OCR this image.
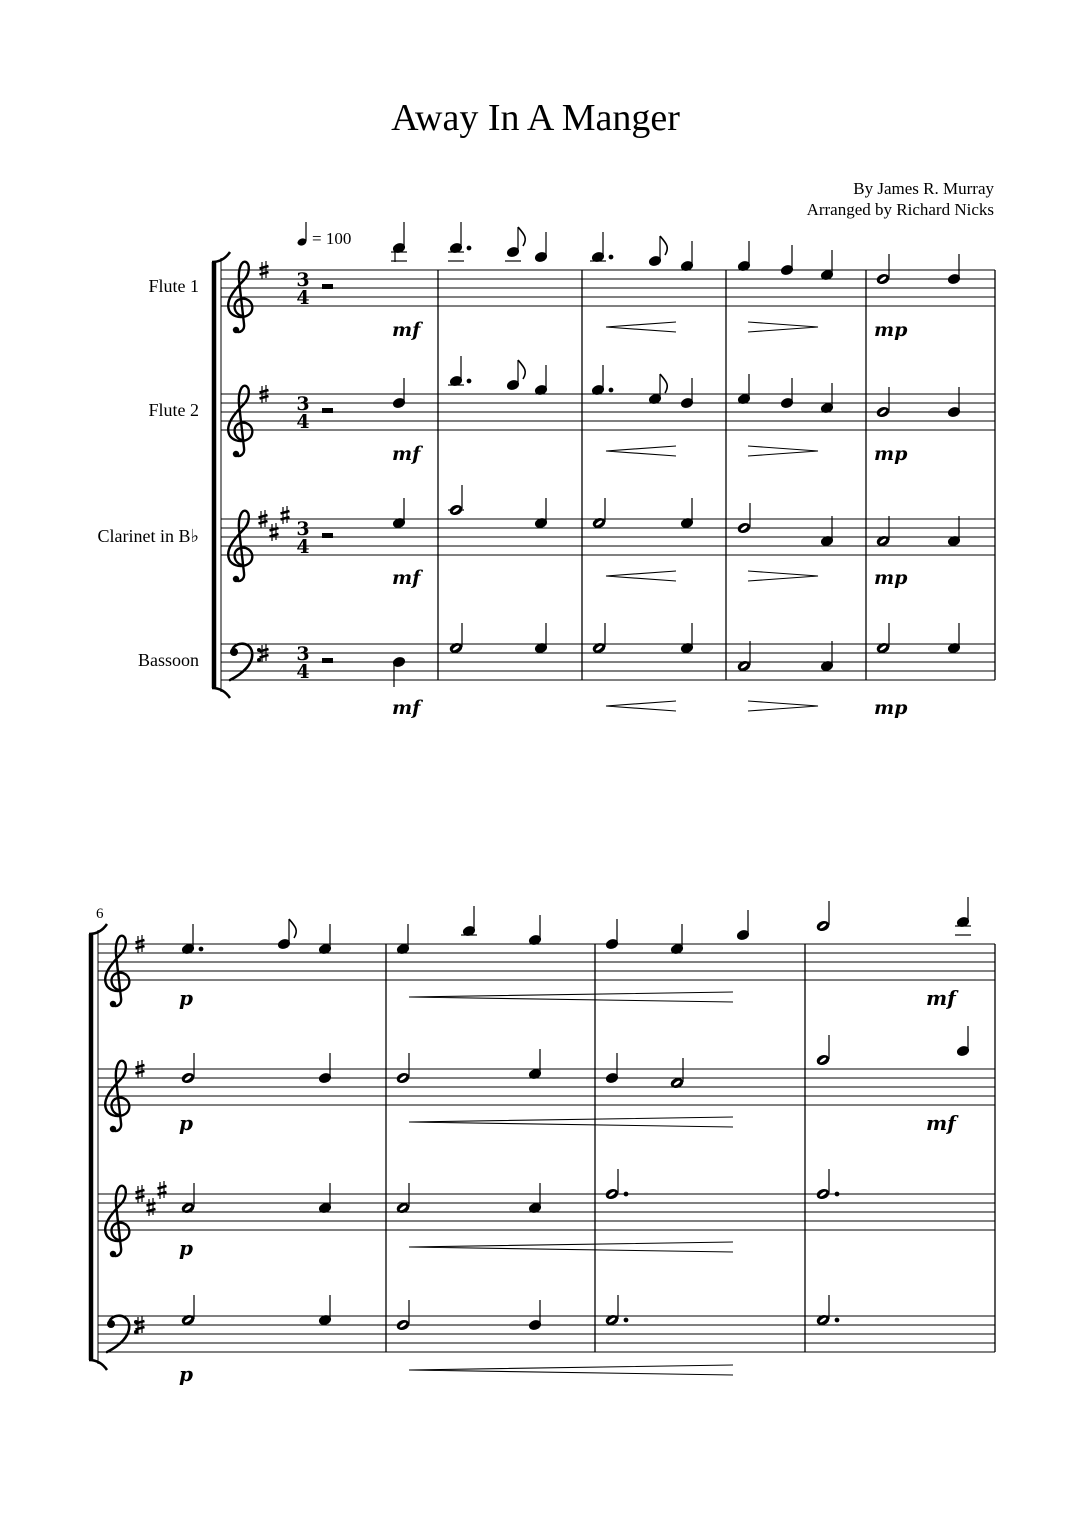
Away In A Manger
By James R. Murray
Arranged by Richard Nicks
Flute 1
Flute 2
Clarinet in B♭
Bassoon
3
4
3
4
3
4
3
4
= 100
mf	mp
mf	mp
mf	mp
mf	mp
6
p	mf
p	mf
p
p
